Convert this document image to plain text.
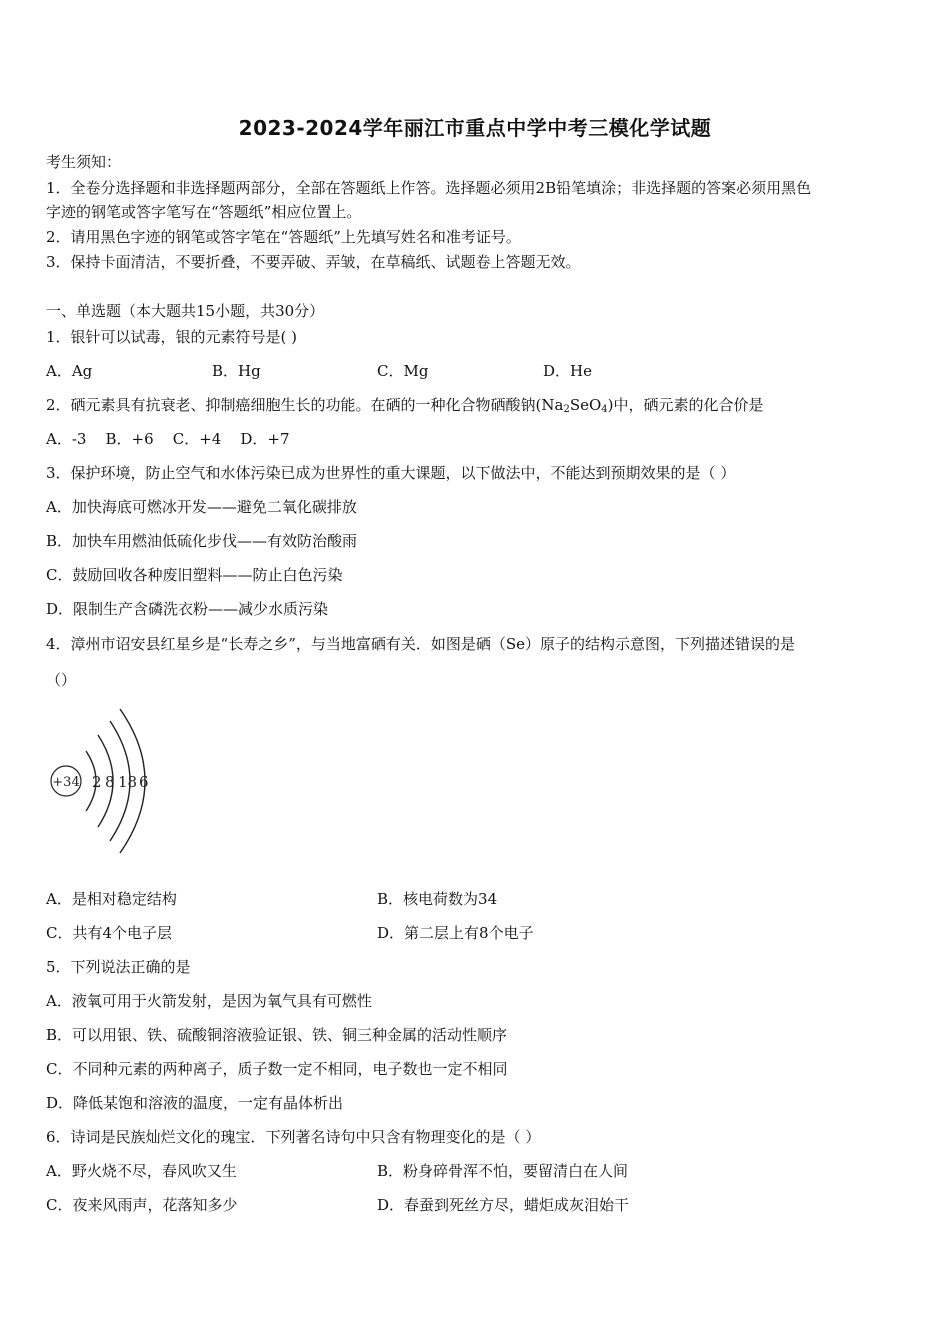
2023-2024学年丽江市重点中学中考三模化学试题
考生须知：
1．全卷分选择题和非选择题两部分，全部在答题纸上作答。选择题必须用2B铅笔填涂；非选择题的答案必须用黑色
字迹的钢笔或答字笔写在“答题纸”相应位置上。
2．请用黑色字迹的钢笔或答字笔在“答题纸”上先填写姓名和准考证号。
3．保持卡面清洁，不要折叠，不要弄破、弄皱，在草稿纸、试题卷上答题无效。
一、单选题（本大题共15小题，共30分）
1．银针可以试毒，银的元素符号是( )
A．Ag	B．Hg	C．Mg	D．He
2．硒元素具有抗衰老、抑制癌细胞生长的功能。在硒的一种化合物硒酸钠$(Na_2SeO_4)$中，硒元素的化合价是
A．-3    B．+6    C．+4    D．+7
3．保护环境，防止空气和水体污染已成为世界性的重大课题，以下做法中，不能达到预期效果的是（ ）
A．加快海底可燃冰开发——避免二氧化碳排放
B．加快车用燃油低硫化步伐——有效防治酸雨
C．鼓励回收各种废旧塑料——防止白色污染
D．限制生产含磷洗衣粉——减少水质污染
4．漳州市诏安县红星乡是“长寿之乡”，与当地富硒有关．如图是硒（Se）原子的结构示意图，下列描述错误的是
（）
+34 2 8 18 6
A．是相对稳定结构	B．核电荷数为34
C．共有4个电子层	D．第二层上有8个电子
5．下列说法正确的是
A．液氧可用于火箭发射，是因为氧气具有可燃性
B．可以用银、铁、硫酸铜溶液验证银、铁、铜三种金属的活动性顺序
C．不同种元素的两种离子，质子数一定不相同，电子数也一定不相同
D．降低某饱和溶液的温度，一定有晶体析出
6．诗词是民族灿烂文化的瑰宝．下列著名诗句中只含有物理变化的是（ ）
A．野火烧不尽，春风吹又生	B．粉身碎骨浑不怕，要留清白在人间
C．夜来风雨声，花落知多少	D．春蚕到死丝方尽，蜡炬成灰泪始干
